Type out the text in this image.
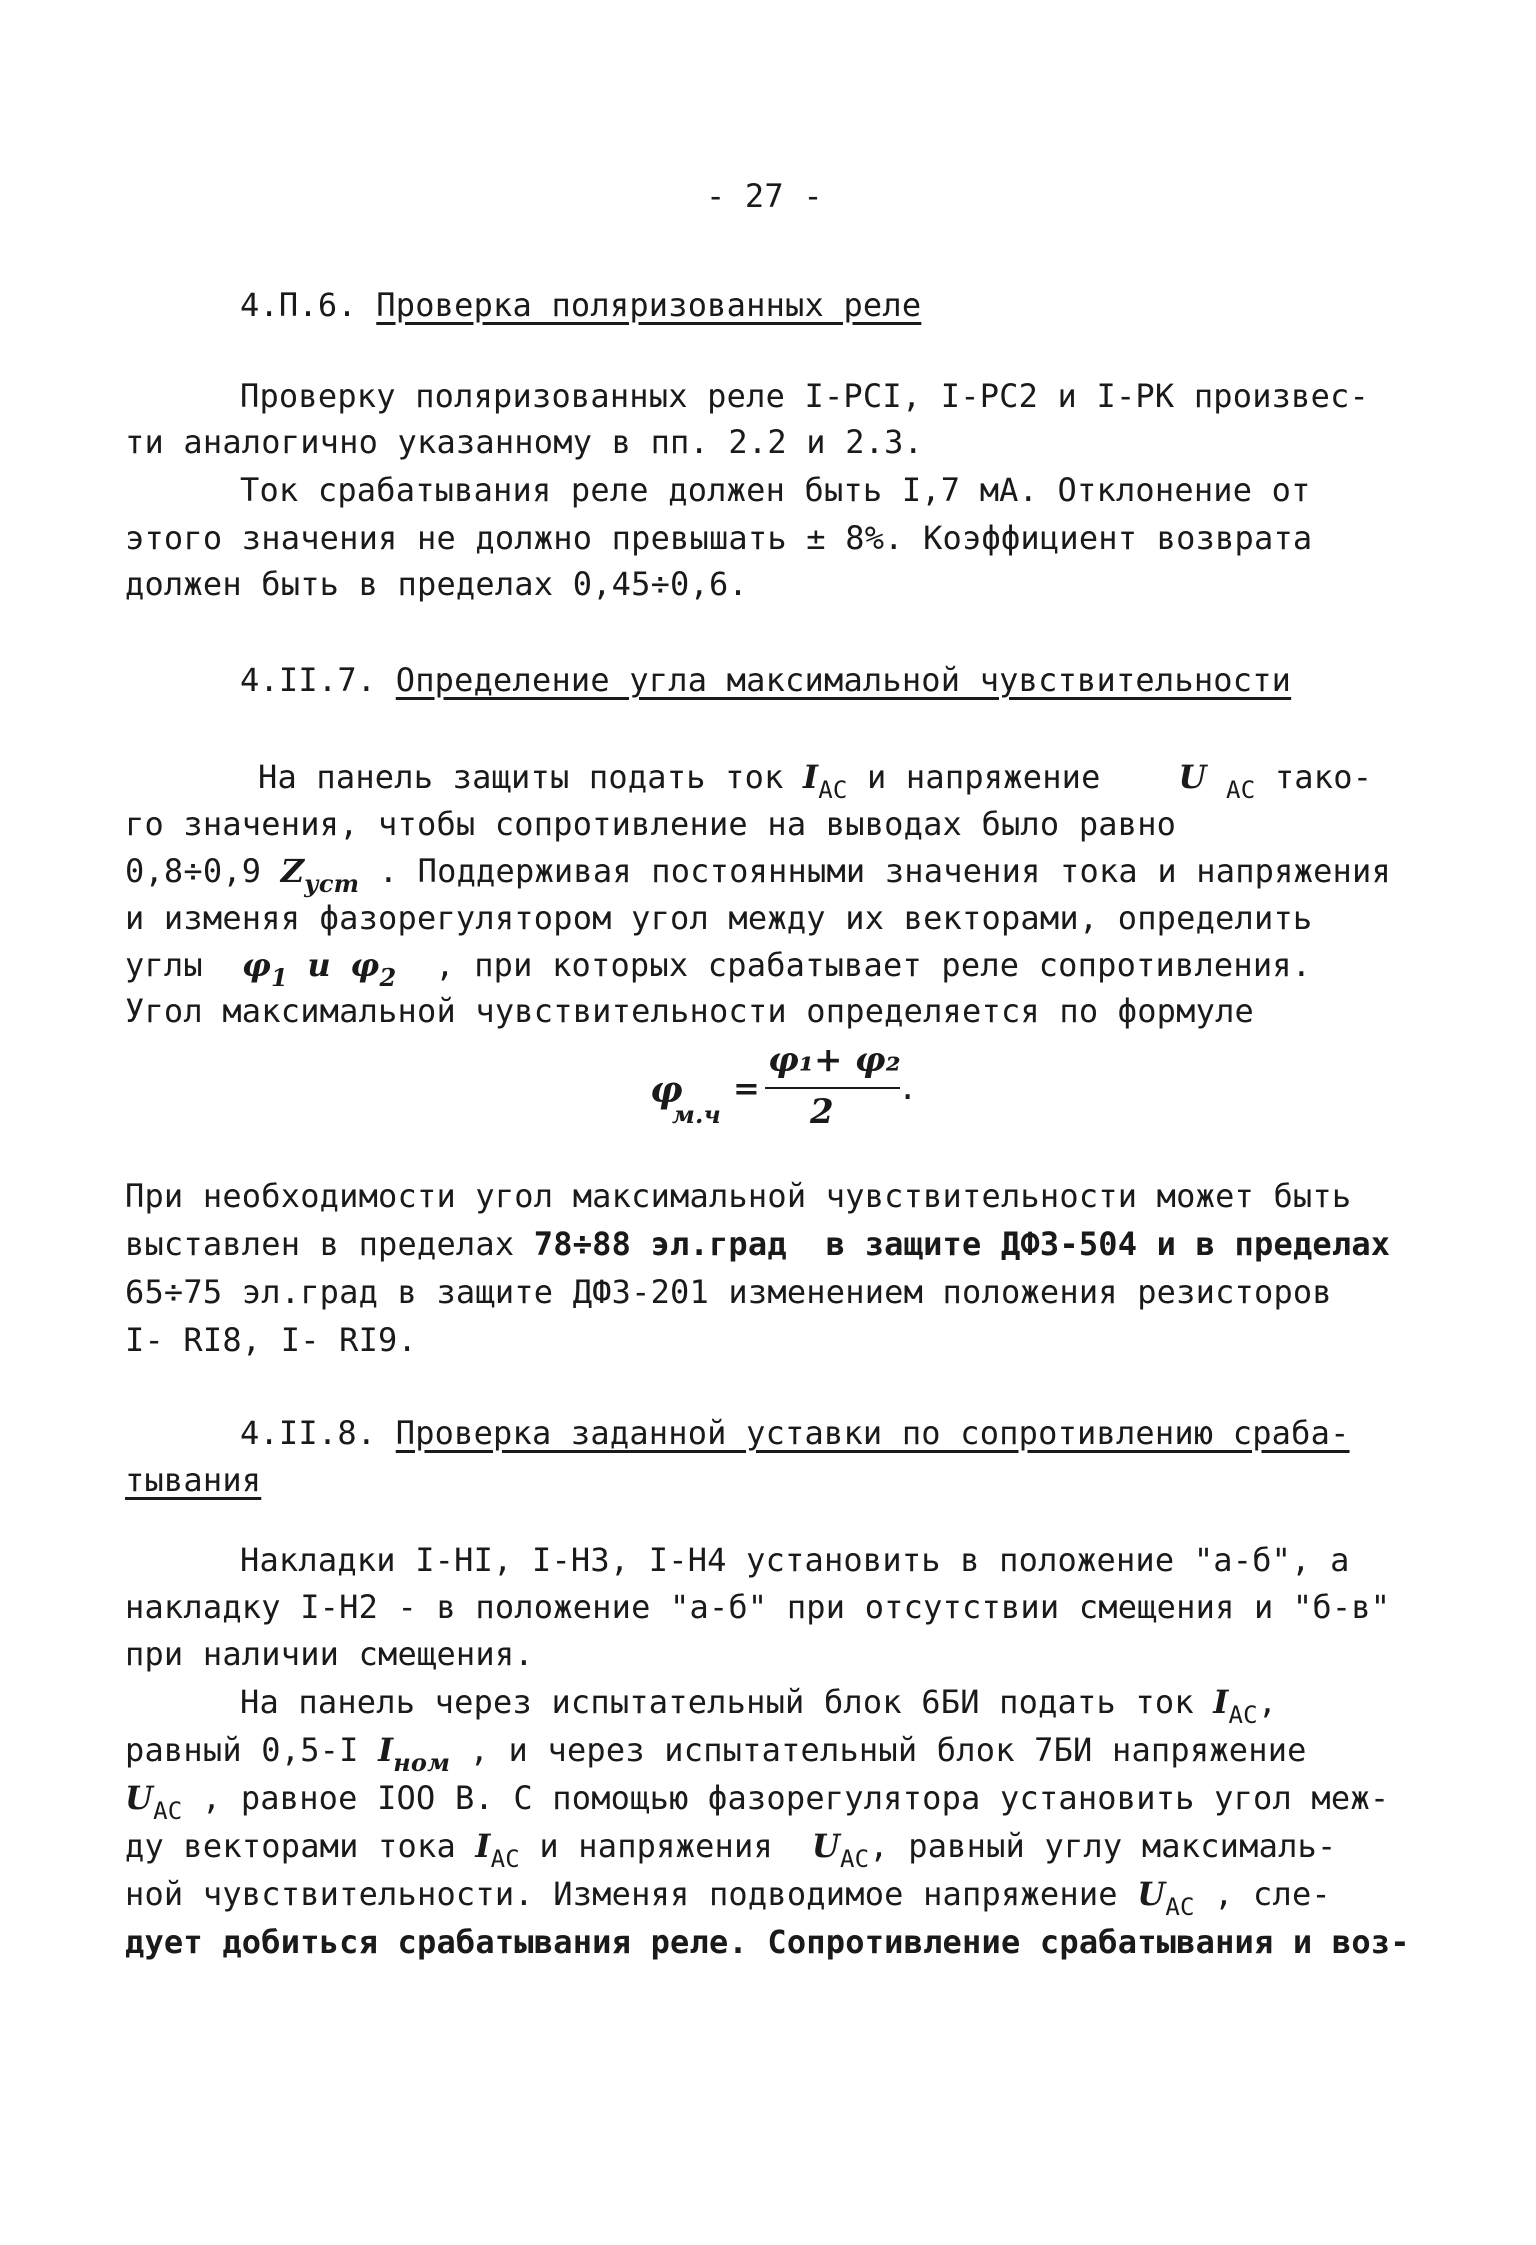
- 27 -
4.П.6. Проверка поляризованных реле
Проверку поляризованных реле I-PCI, I-PC2 и I-PK произвес-
ти аналогично указанному в пп. 2.2 и 2.3.
Ток срабатывания реле должен быть I,7 мА. Отклонение от
этого значения не должно превышать ± 8%. Коэффициент возврата
должен быть в пределах 0,45÷0,6.
4.II.7. Определение угла максимальной чувствительности
На панель защиты подать ток $I_{AC}$ и напряжение U $_{AC}$ тако-
го значения, чтобы сопротивление на выводах было равно
0,8÷0,9 $Z_{уст}$ . Поддерживая постоянными значения тока и напряжения
и изменяя фазорегулятором угол между их векторами, определить
углы $\varphi_1$ и $\varphi_2$ , при которых срабатывает реле сопротивления.
Угол максимальной чувствительности определяется по формуле
φ
м.ч
=
φ₁+ φ₂
2
.
При необходимости угол максимальной чувствительности может быть
выставлен в пределах 78÷88 эл.град  в защите ДФЗ-504 и в пределах
65÷75 эл.град в защите ДФЗ-201 изменением положения резисторов
I- RI8, I- RI9.
4.II.8. Проверка заданной уставки по сопротивлению сраба-
тывания
Накладки I-HI, I-H3, I-H4 установить в положение "а-б", а
накладку I-H2 - в положение "а-б" при отсутствии смещения и "б-в"
при наличии смещения.
На панель через испытательный блок 6БИ подать ток $I_{AC}$,
равный 0,5-I $I_{ном}$ , и через испытательный блок 7БИ напряжение
$U_{AC}$ , равное IOO В. С помощью фазорегулятора установить угол меж-
ду векторами тока $I_{AC}$ и напряжения $U_{AC}$, равный углу максималь-
ной чувствительности. Изменяя подводимое напряжение $U_{AC}$ , сле-
дует добиться срабатывания реле. Сопротивление срабатывания и воз-
